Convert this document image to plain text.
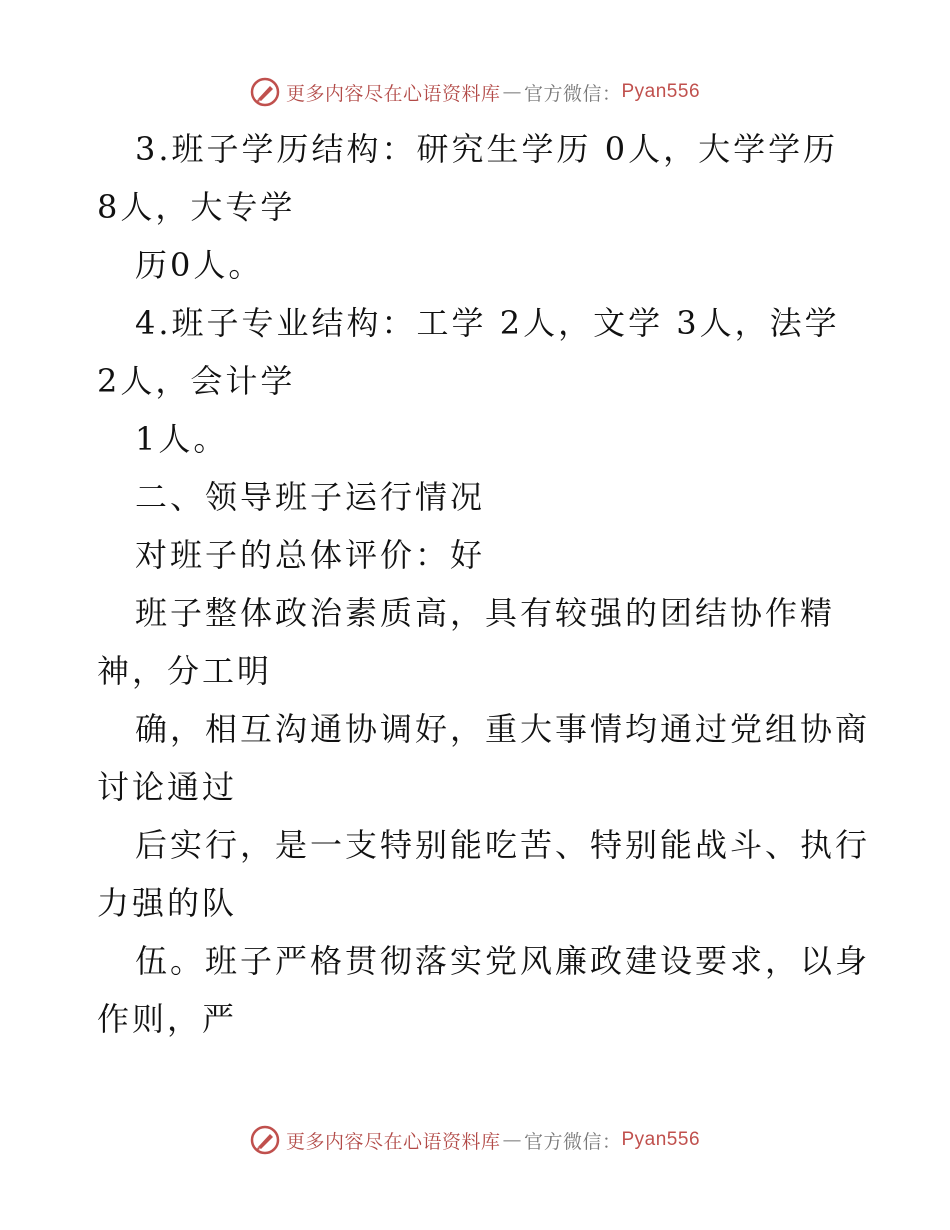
更多内容尽在心语资料库 — 官方微信： Pyan556
3.班子学历结构：研究生学历 0人，大学学历
8人，大专学
历0人。
4.班子专业结构：工学 2人，文学 3人，法学
2人，会计学
1人。
二、领导班子运行情况
对班子的总体评价：好
班子整体政治素质高，具有较强的团结协作精
神，分工明
确，相互沟通协调好，重大事情均通过党组协商
讨论通过
后实行，是一支特别能吃苦、特别能战斗、执行
力强的队
伍。班子严格贯彻落实党风廉政建设要求，以身
作则，严
更多内容尽在心语资料库 — 官方微信： Pyan556
